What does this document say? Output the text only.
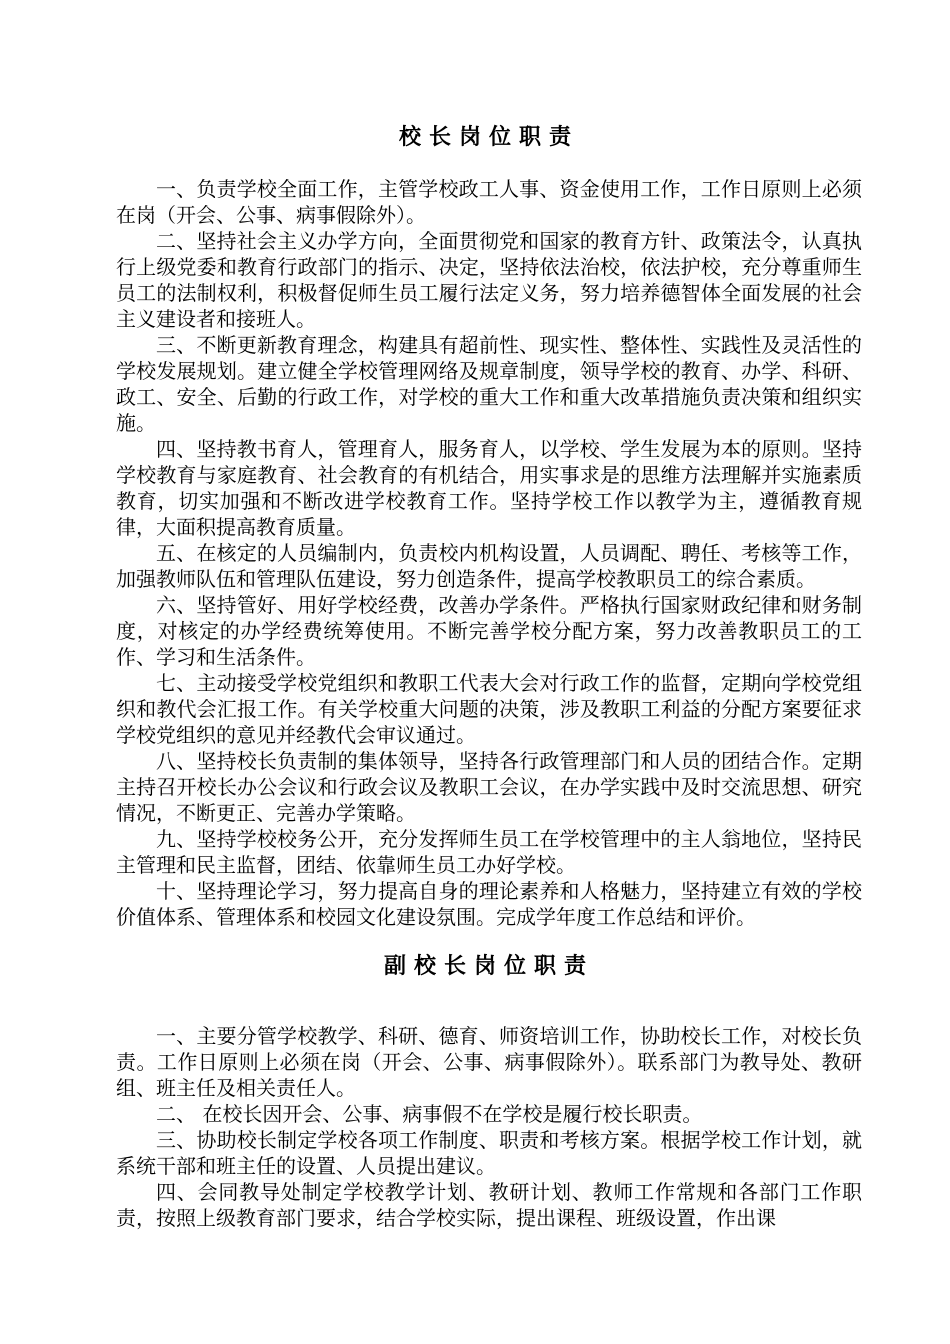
校长岗位职责

一、负责学校全面工作，主管学校政工人事、资金使用工作，工作日原则上必须在岗（开会、公事、病事假除外）。

二、坚持社会主义办学方向，全面贯彻党和国家的教育方针、政策法令，认真执行上级党委和教育行政部门的指示、决定，坚持依法治校，依法护校，充分尊重师生员工的法制权利，积极督促师生员工履行法定义务，努力培养德智体全面发展的社会主义建设者和接班人。

三、不断更新教育理念，构建具有超前性、现实性、整体性、实践性及灵活性的学校发展规划。建立健全学校管理网络及规章制度，领导学校的教育、办学、科研、政工、安全、后勤的行政工作，对学校的重大工作和重大改革措施负责决策和组织实施。

四、坚持教书育人，管理育人，服务育人，以学校、学生发展为本的原则。坚持学校教育与家庭教育、社会教育的有机结合，用实事求是的思维方法理解并实施素质教育，切实加强和不断改进学校教育工作。坚持学校工作以教学为主，遵循教育规律，大面积提高教育质量。

五、在核定的人员编制内，负责校内机构设置，人员调配、聘任、考核等工作，加强教师队伍和管理队伍建设，努力创造条件，提高学校教职员工的综合素质。

六、坚持管好、用好学校经费，改善办学条件。严格执行国家财政纪律和财务制度，对核定的办学经费统筹使用。不断完善学校分配方案，努力改善教职员工的工作、学习和生活条件。

七、主动接受学校党组织和教职工代表大会对行政工作的监督，定期向学校党组织和教代会汇报工作。有关学校重大问题的决策，涉及教职工利益的分配方案要征求学校党组织的意见并经教代会审议通过。

八、坚持校长负责制的集体领导，坚持各行政管理部门和人员的团结合作。定期主持召开校长办公会议和行政会议及教职工会议，在办学实践中及时交流思想、研究情况，不断更正、完善办学策略。

九、坚持学校校务公开，充分发挥师生员工在学校管理中的主人翁地位，坚持民主管理和民主监督，团结、依靠师生员工办好学校。

十、坚持理论学习，努力提高自身的理论素养和人格魅力，坚持建立有效的学校价值体系、管理体系和校园文化建设氛围。完成学年度工作总结和评价。

副校长岗位职责

一、主要分管学校教学、科研、德育、师资培训工作，协助校长工作，对校长负责。工作日原则上必须在岗（开会、公事、病事假除外）。联系部门为教导处、教研组、班主任及相关责任人。

二、 在校长因开会、公事、病事假不在学校是履行校长职责。

三、协助校长制定学校各项工作制度、职责和考核方案。根据学校工作计划，就系统干部和班主任的设置、人员提出建议。

四、会同教导处制定学校教学计划、教研计划、教师工作常规和各部门工作职责，按照上级教育部门要求，结合学校实际，提出课程、班级设置，作出课
